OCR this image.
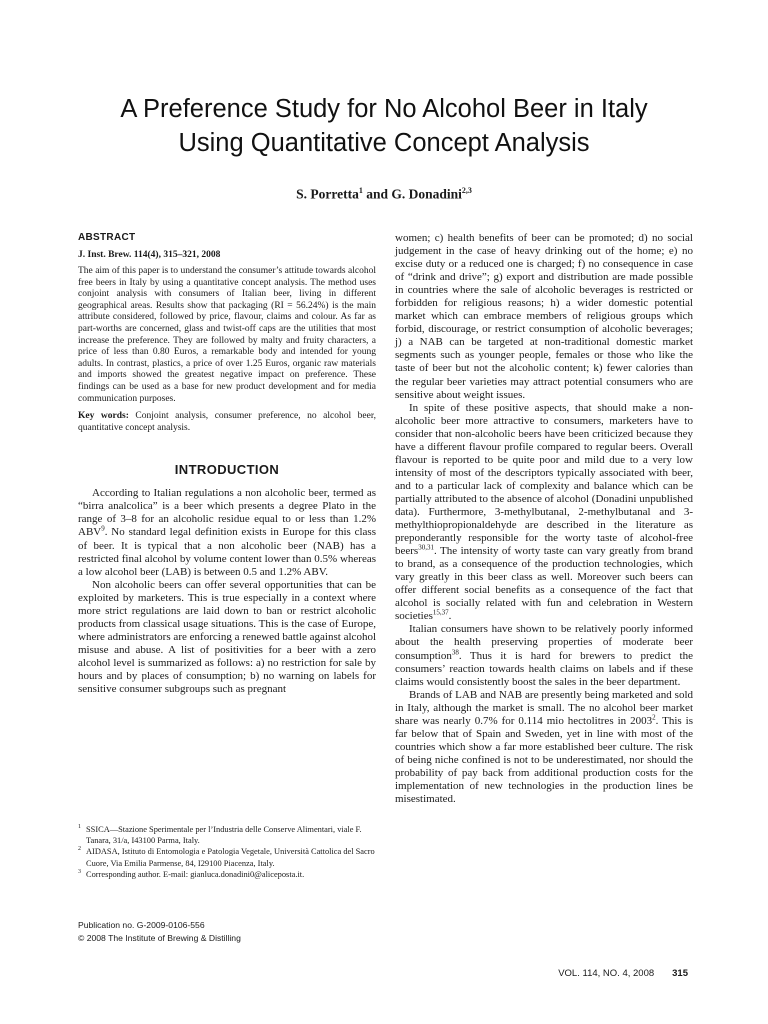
A Preference Study for No Alcohol Beer in Italy
Using Quantitative Concept Analysis

S. Porretta$^1$ and G. Donadini$^{2,3}$

ABSTRACT

J. Inst. Brew. 114(4), 315–321, 2008

The aim of this paper is to understand the consumer’s attitude towards alcohol free beers in Italy by using a quantitative concept analysis. The method uses conjoint analysis with consumers of Italian beer, living in different geographical areas. Results show that packaging (RI = 56.24%) is the main attribute considered, followed by price, flavour, claims and colour. As far as part-worths are concerned, glass and twist-off caps are the utilities that most increase the preference. They are followed by malty and fruity characters, a price of less than 0.80 Euros, a remarkable body and intended for young adults. In contrast, plastics, a price of over 1.25 Euros, organic raw materials and imports showed the greatest negative impact on preference. These findings can be used as a base for new product development and for media communication purposes.

Key words: Conjoint analysis, consumer preference, no alcohol beer, quantitative concept analysis.

INTRODUCTION

According to Italian regulations a non alcoholic beer, termed as “birra analcolica” is a beer which presents a degree Plato in the range of 3–8 for an alcoholic residue equal to or less than 1.2% ABV$^9$. No standard legal definition exists in Europe for this class of beer. It is typical that a non alcoholic beer (NAB) has a restricted final alcohol by volume content lower than 0.5% whereas a low alcohol beer (LAB) is between 0.5 and 1.2% ABV.

Non alcoholic beers can offer several opportunities that can be exploited by marketers. This is true especially in a context where more strict regulations are laid down to ban or restrict alcoholic products from classical usage situations. This is the case of Europe, where administrators are enforcing a renewed battle against alcohol misuse and abuse. A list of positivities for a beer with a zero alcohol level is summarized as follows: a) no restriction for sale by hours and by places of consumption; b) no warning on labels for sensitive consumer subgroups such as pregnant

women; c) health benefits of beer can be promoted; d) no social judgement in the case of heavy drinking out of the home; e) no excise duty or a reduced one is charged; f) no consequence in case of “drink and drive”; g) export and distribution are made possible in countries where the sale of alcoholic beverages is restricted or forbidden for religious reasons; h) a wider domestic potential market which can embrace members of religious groups which forbid, discourage, or restrict consumption of alcoholic beverages; j) a NAB can be targeted at non-traditional domestic market segments such as younger people, females or those who like the taste of beer but not the alcoholic content; k) fewer calories than the regular beer varieties may attract potential consumers who are sensitive about weight issues.

In spite of these positive aspects, that should make a non-alcoholic beer more attractive to consumers, marketers have to consider that non-alcoholic beers have been criticized because they have a different flavour profile compared to regular beers. Overall flavour is reported to be quite poor and mild due to a very low intensity of most of the descriptors typically associated with beer, and to a particular lack of complexity and balance which can be partially attributed to the absence of alcohol (Donadini unpublished data). Furthermore, 3-methylbutanal, 2-methylbutanal and 3-methylthiopropionaldehyde are described in the literature as preponderantly responsible for the worty taste of alcohol-free beers$^{30,31}$. The intensity of worty taste can vary greatly from brand to brand, as a consequence of the production technologies, which vary greatly in this beer class as well. Moreover such beers can offer different social benefits as a consequence of the fact that alcohol is socially related with fun and celebration in Western societies$^{15,37}$.

Italian consumers have shown to be relatively poorly informed about the health preserving properties of moderate beer consumption$^{38}$. Thus it is hard for brewers to predict the consumers’ reaction towards health claims on labels and if these claims would consistently boost the sales in the beer department.

Brands of LAB and NAB are presently being marketed and sold in Italy, although the market is small. The no alcohol beer market share was nearly 0.7% for 0.114 mio hectolitres in 2003$^2$. This is far below that of Spain and Sweden, yet in line with most of the countries which show a far more established beer culture. The risk of being niche confined is not to be underestimated, nor should the probability of pay back from additional production costs for the implementation of new technologies in the production lines be misestimated.

1 SSICA—Stazione Sperimentale per l’Industria delle Conserve Alimentari, viale F. Tanara, 31/a, I43100 Parma, Italy.

2 AIDASA, Istituto di Entomologia e Patologia Vegetale, Università Cattolica del Sacro Cuore, Via Emilia Parmense, 84, I29100 Piacenza, Italy.

3 Corresponding author. E-mail: gianluca.donadini0@aliceposta.it.

Publication no. G-2009-0106-556
© 2008 The Institute of Brewing & Distilling
VOL. 114, NO. 4, 2008 315
